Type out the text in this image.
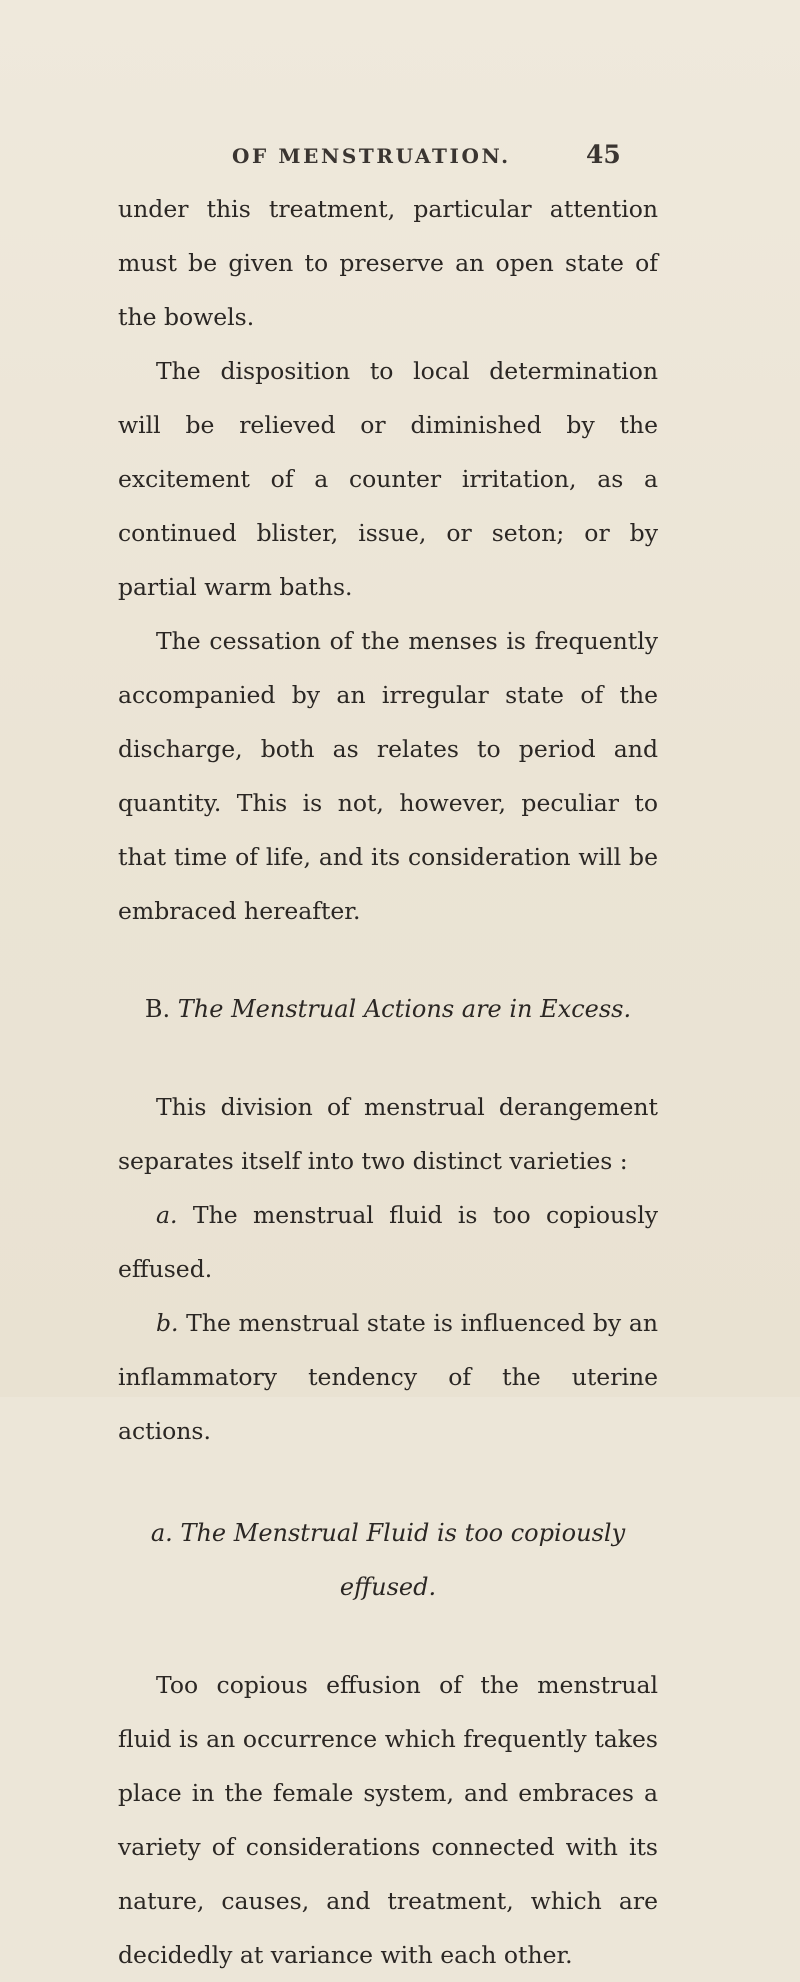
OF MENSTRUATION.	45

under this treatment, particular attention must be given to preserve an open state of the bowels.

The disposition to local determination will be relieved or diminished by the excitement of a counter irritation, as a continued blister, issue, or seton; or by partial warm baths.

The cessation of the menses is frequently accompanied by an irregular state of the discharge, both as relates to period and quantity. This is not, however, peculiar to that time of life, and its consideration will be embraced hereafter.

B. The Menstrual Actions are in Excess.

This division of menstrual derangement separates itself into two distinct varieties :

a. The menstrual fluid is too copiously effused.

b. The menstrual state is influenced by an inflammatory tendency of the uterine actions.

a. The Menstrual Fluid is too copiously effused.

Too copious effusion of the menstrual fluid is an occurrence which frequently takes place in the female system, and embraces a variety of considerations connected with its nature, causes, and treatment, which are decidedly at variance with each other.
